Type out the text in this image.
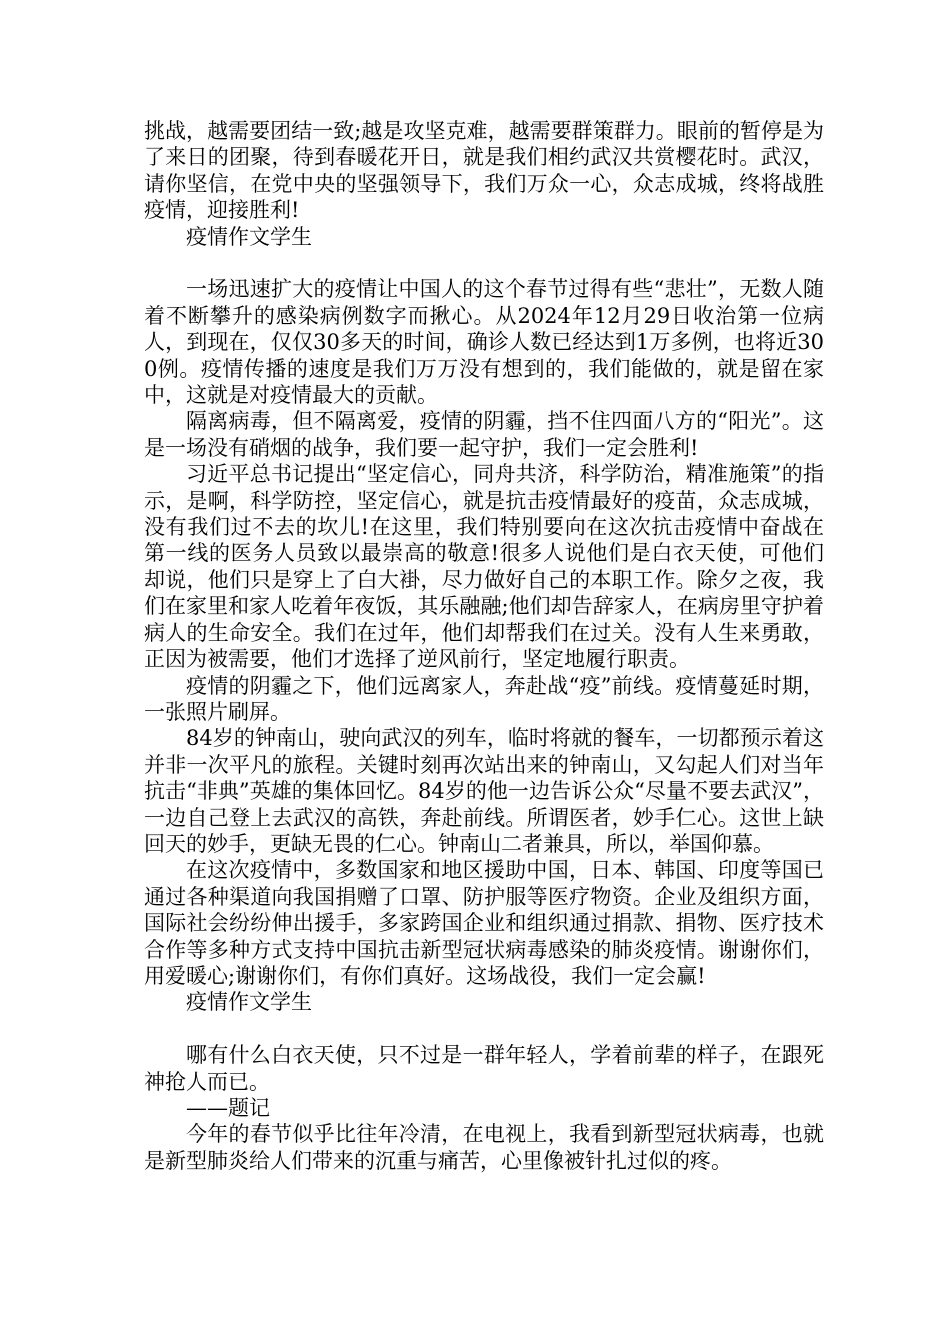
挑战，越需要团结一致;越是攻坚克难，越需要群策群力。眼前的暂停是为了来日的团聚，待到春暖花开日，就是我们相约武汉共赏樱花时。武汉，请你坚信，在党中央的坚强领导下，我们万众一心，众志成城，终将战胜疫情，迎接胜利!

疫情作文学生

一场迅速扩大的疫情让中国人的这个春节过得有些“悲壮”，无数人随着不断攀升的感染病例数字而揪心。从2024年12月29日收治第一位病人，到现在，仅仅30多天的时间，确诊人数已经达到1万多例，也将近300例。疫情传播的速度是我们万万没有想到的，我们能做的，就是留在家中，这就是对疫情最大的贡献。

隔离病毒，但不隔离爱，疫情的阴霾，挡不住四面八方的“阳光”。这是一场没有硝烟的战争，我们要一起守护，我们一定会胜利!

习近平总书记提出“坚定信心，同舟共济，科学防治，精准施策”的指示，是啊，科学防控，坚定信心，就是抗击疫情最好的疫苗，众志成城，没有我们过不去的坎儿!在这里，我们特别要向在这次抗击疫情中奋战在第一线的医务人员致以最崇高的敬意!很多人说他们是白衣天使，可他们却说，他们只是穿上了白大褂，尽力做好自己的本职工作。除夕之夜，我们在家里和家人吃着年夜饭，其乐融融;他们却告辞家人，在病房里守护着病人的生命安全。我们在过年，他们却帮我们在过关。没有人生来勇敢，正因为被需要，他们才选择了逆风前行，坚定地履行职责。

疫情的阴霾之下，他们远离家人，奔赴战“疫”前线。疫情蔓延时期，一张照片刷屏。

84岁的钟南山，驶向武汉的列车，临时将就的餐车，一切都预示着这并非一次平凡的旅程。关键时刻再次站出来的钟南山，又勾起人们对当年抗击“非典”英雄的集体回忆。84岁的他一边告诉公众“尽量不要去武汉”，一边自己登上去武汉的高铁，奔赴前线。所谓医者，妙手仁心。这世上缺回天的妙手，更缺无畏的仁心。钟南山二者兼具，所以，举国仰慕。

在这次疫情中，多数国家和地区援助中国，日本、韩国、印度等国已通过各种渠道向我国捐赠了口罩、防护服等医疗物资。企业及组织方面，国际社会纷纷伸出援手，多家跨国企业和组织通过捐款、捐物、医疗技术合作等多种方式支持中国抗击新型冠状病毒感染的肺炎疫情。谢谢你们，用爱暖心;谢谢你们，有你们真好。这场战役，我们一定会赢!

疫情作文学生

哪有什么白衣天使，只不过是一群年轻人，学着前辈的样子，在跟死神抢人而已。

——题记

今年的春节似乎比往年冷清，在电视上，我看到新型冠状病毒，也就是新型肺炎给人们带来的沉重与痛苦，心里像被针扎过似的疼。
